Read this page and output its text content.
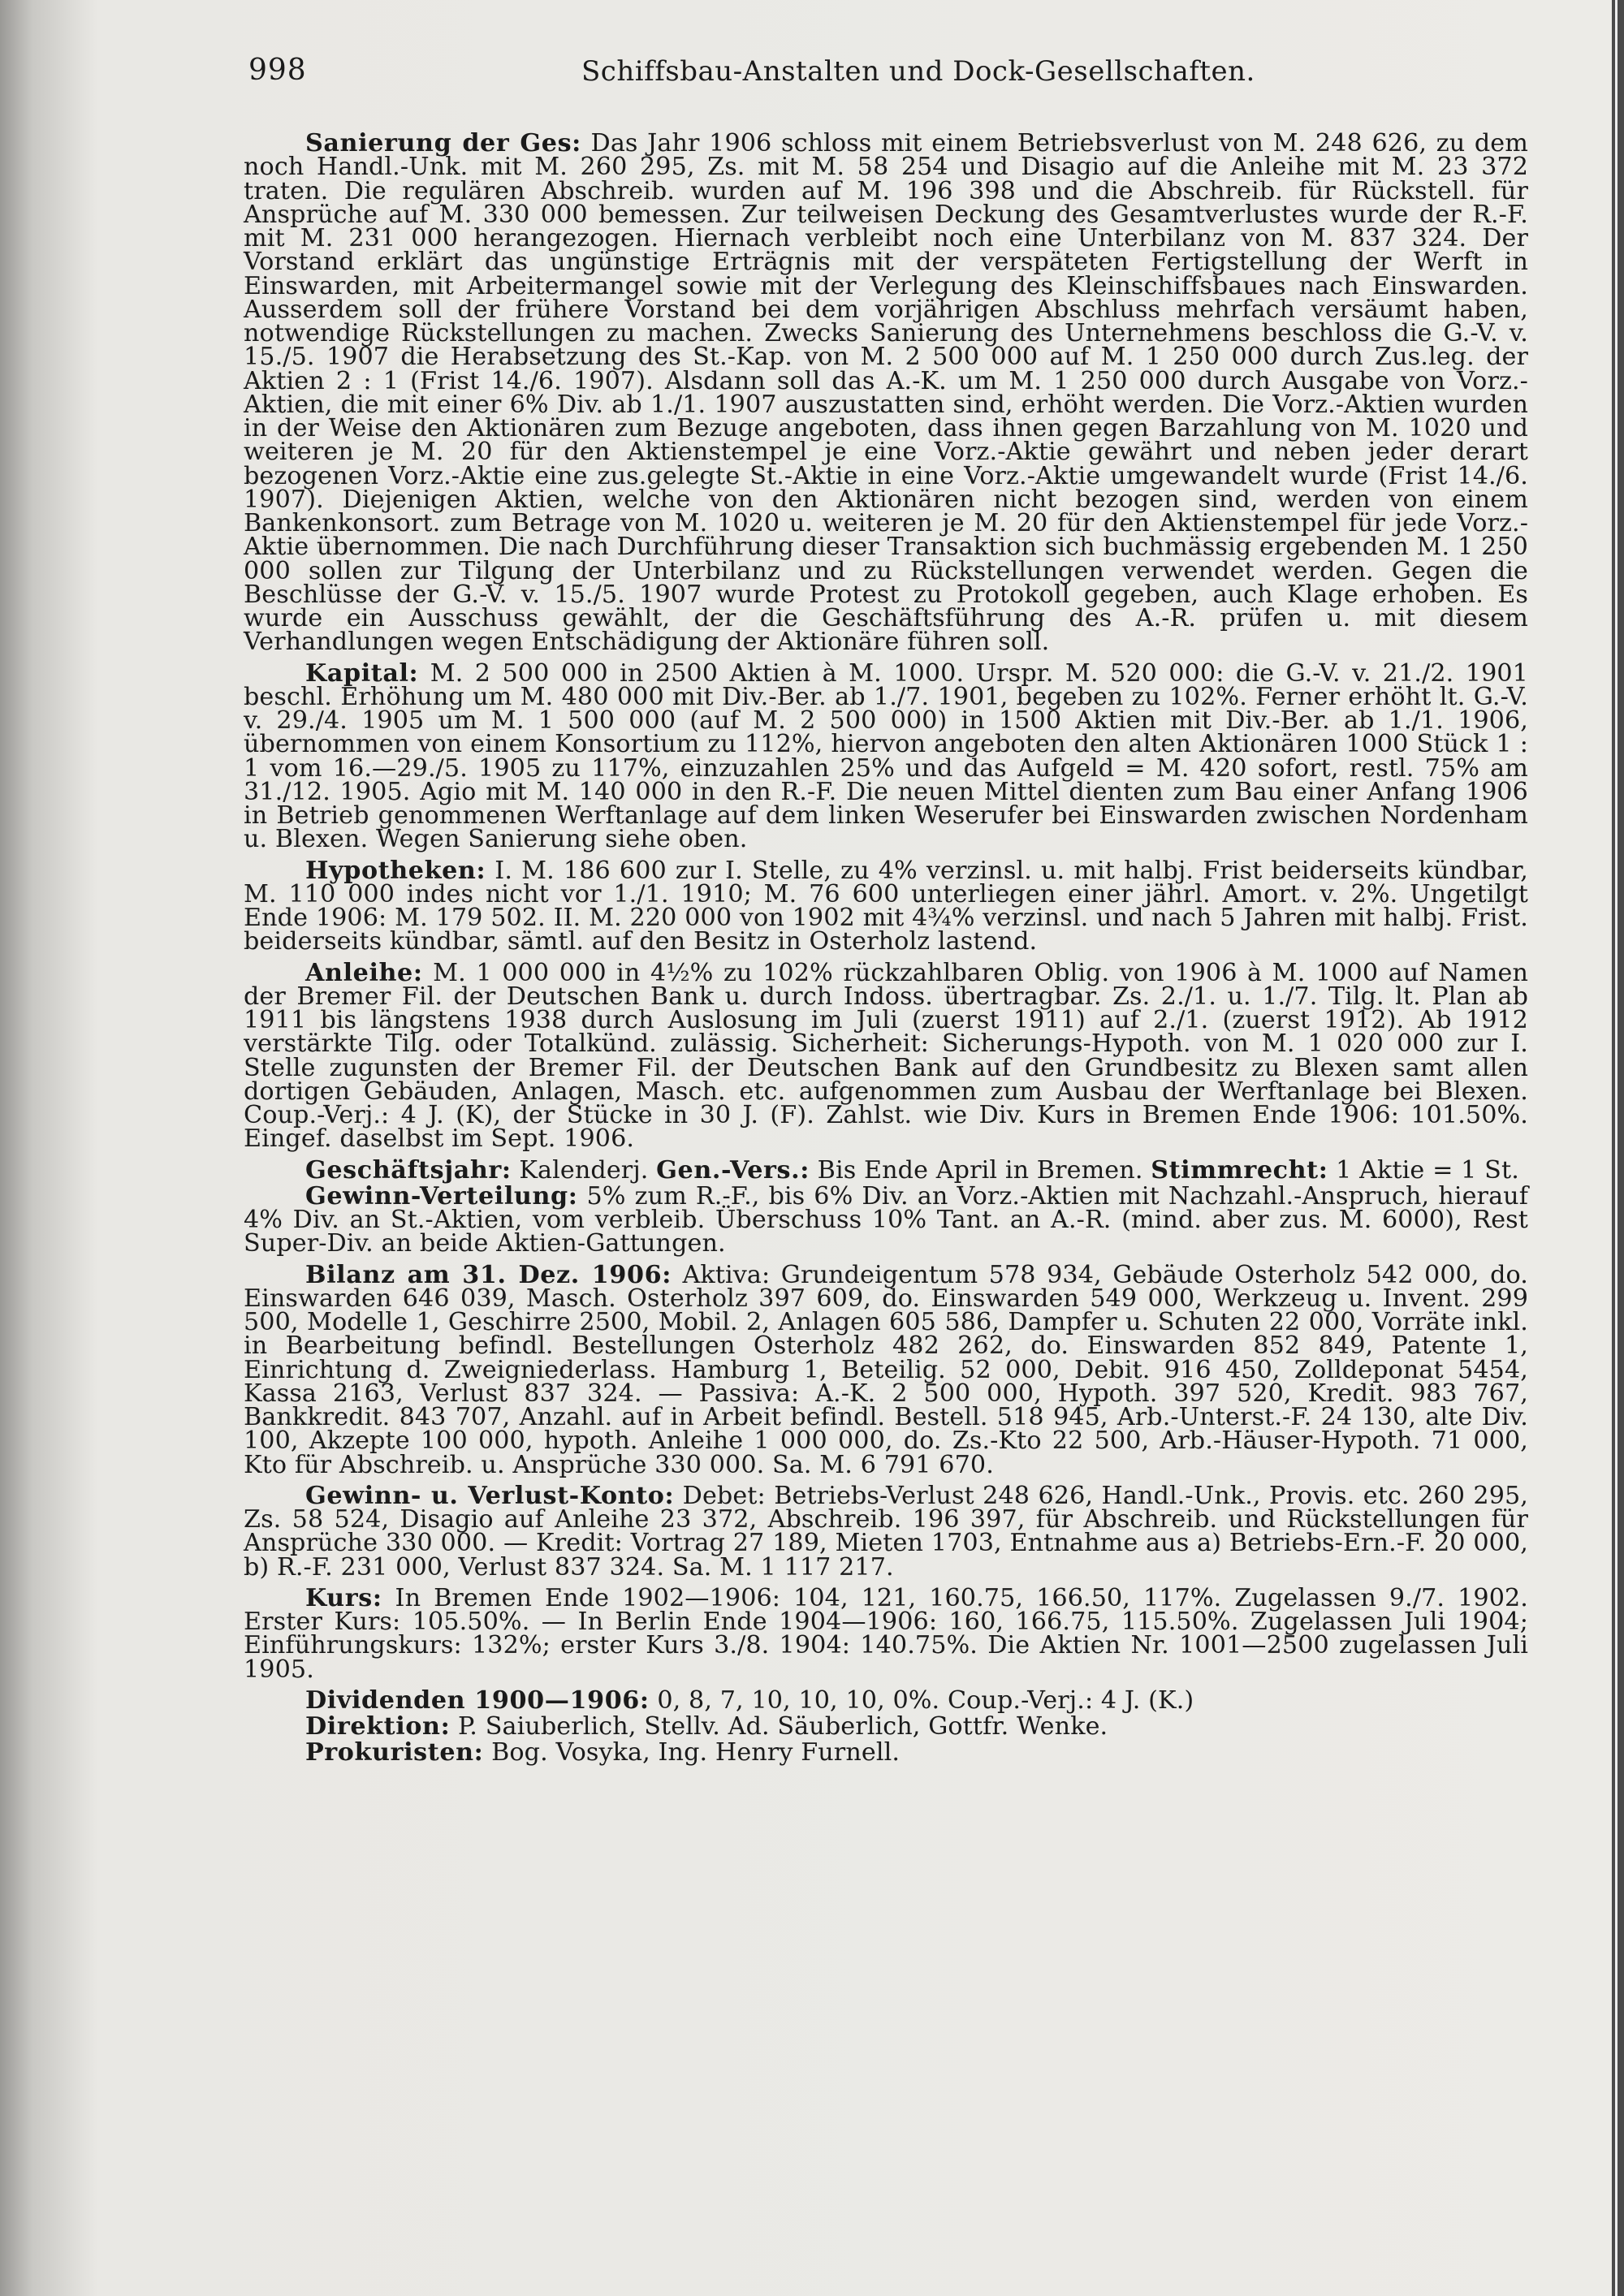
998	Schiffsbau-Anstalten und Dock-Gesellschaften.

Sanierung der Ges: Das Jahr 1906 schloss mit einem Betriebsverlust von M. 248 626, zu dem noch Handl.-Unk. mit M. 260 295, Zs. mit M. 58 254 und Disagio auf die Anleihe mit M. 23 372 traten. Die regulären Abschreib. wurden auf M. 196 398 und die Abschreib. für Rückstell. für Ansprüche auf M. 330 000 bemessen. Zur teilweisen Deckung des Gesamtverlustes wurde der R.-F. mit M. 231 000 herangezogen. Hiernach verbleibt noch eine Unterbilanz von M. 837 324. Der Vorstand erklärt das ungünstige Erträgnis mit der verspäteten Fertigstellung der Werft in Einswarden, mit Arbeitermangel sowie mit der Verlegung des Kleinschiffsbaues nach Einswarden. Ausserdem soll der frühere Vorstand bei dem vorjährigen Abschluss mehrfach versäumt haben, notwendige Rückstellungen zu machen. Zwecks Sanierung des Unternehmens beschloss die G.-V. v. 15./5. 1907 die Herabsetzung des St.-Kap. von M. 2 500 000 auf M. 1 250 000 durch Zus.leg. der Aktien 2 : 1 (Frist 14./6. 1907). Alsdann soll das A.-K. um M. 1 250 000 durch Ausgabe von Vorz.-Aktien, die mit einer 6% Div. ab 1./1. 1907 auszustatten sind, erhöht werden. Die Vorz.-Aktien wurden in der Weise den Aktionären zum Bezuge angeboten, dass ihnen gegen Barzahlung von M. 1020 und weiteren je M. 20 für den Aktienstempel je eine Vorz.-Aktie gewährt und neben jeder derart bezogenen Vorz.-Aktie eine zus.gelegte St.-Aktie in eine Vorz.-Aktie umgewandelt wurde (Frist 14./6. 1907). Diejenigen Aktien, welche von den Aktionären nicht bezogen sind, werden von einem Bankenkonsort. zum Betrage von M. 1020 u. weiteren je M. 20 für den Aktienstempel für jede Vorz.-Aktie übernommen. Die nach Durchführung dieser Transaktion sich buchmässig ergebenden M. 1 250 000 sollen zur Tilgung der Unterbilanz und zu Rückstellungen verwendet werden. Gegen die Beschlüsse der G.-V. v. 15./5. 1907 wurde Protest zu Protokoll gegeben, auch Klage erhoben. Es wurde ein Ausschuss gewählt, der die Geschäftsführung des A.-R. prüfen u. mit diesem Verhandlungen wegen Entschädigung der Aktionäre führen soll.

Kapital: M. 2 500 000 in 2500 Aktien à M. 1000. Urspr. M. 520 000: die G.-V. v. 21./2. 1901 beschl. Erhöhung um M. 480 000 mit Div.-Ber. ab 1./7. 1901, begeben zu 102%. Ferner erhöht lt. G.-V. v. 29./4. 1905 um M. 1 500 000 (auf M. 2 500 000) in 1500 Aktien mit Div.-Ber. ab 1./1. 1906, übernommen von einem Konsortium zu 112%, hiervon angeboten den alten Aktionären 1000 Stück 1 : 1 vom 16.—29./5. 1905 zu 117%, einzuzahlen 25% und das Aufgeld = M. 420 sofort, restl. 75% am 31./12. 1905. Agio mit M. 140 000 in den R.-F. Die neuen Mittel dienten zum Bau einer Anfang 1906 in Betrieb genommenen Werftanlage auf dem linken Weserufer bei Einswarden zwischen Nordenham u. Blexen. Wegen Sanierung siehe oben.

Hypotheken: I. M. 186 600 zur I. Stelle, zu 4% verzinsl. u. mit halbj. Frist beiderseits kündbar, M. 110 000 indes nicht vor 1./1. 1910; M. 76 600 unterliegen einer jährl. Amort. v. 2%. Ungetilgt Ende 1906: M. 179 502. II. M. 220 000 von 1902 mit 4¾% verzinsl. und nach 5 Jahren mit halbj. Frist. beiderseits kündbar, sämtl. auf den Besitz in Osterholz lastend.

Anleihe: M. 1 000 000 in 4½% zu 102% rückzahlbaren Oblig. von 1906 à M. 1000 auf Namen der Bremer Fil. der Deutschen Bank u. durch Indoss. übertragbar. Zs. 2./1. u. 1./7. Tilg. lt. Plan ab 1911 bis längstens 1938 durch Auslosung im Juli (zuerst 1911) auf 2./1. (zuerst 1912). Ab 1912 verstärkte Tilg. oder Totalkünd. zulässig. Sicherheit: Sicherungs-Hypoth. von M. 1 020 000 zur I. Stelle zugunsten der Bremer Fil. der Deutschen Bank auf den Grundbesitz zu Blexen samt allen dortigen Gebäuden, Anlagen, Masch. etc. aufgenommen zum Ausbau der Werftanlage bei Blexen. Coup.-Verj.: 4 J. (K), der Stücke in 30 J. (F). Zahlst. wie Div. Kurs in Bremen Ende 1906: 101.50%. Eingef. daselbst im Sept. 1906.

Geschäftsjahr: Kalenderj. Gen.-Vers.: Bis Ende April in Bremen. Stimmrecht: 1 Aktie = 1 St.

Gewinn-Verteilung: 5% zum R.-F., bis 6% Div. an Vorz.-Aktien mit Nachzahl.-Anspruch, hierauf 4% Div. an St.-Aktien, vom verbleib. Überschuss 10% Tant. an A.-R. (mind. aber zus. M. 6000), Rest Super-Div. an beide Aktien-Gattungen.

Bilanz am 31. Dez. 1906: Aktiva: Grundeigentum 578 934, Gebäude Osterholz 542 000, do. Einswarden 646 039, Masch. Osterholz 397 609, do. Einswarden 549 000, Werkzeug u. Invent. 299 500, Modelle 1, Geschirre 2500, Mobil. 2, Anlagen 605 586, Dampfer u. Schuten 22 000, Vorräte inkl. in Bearbeitung befindl. Bestellungen Osterholz 482 262, do. Einswarden 852 849, Patente 1, Einrichtung d. Zweigniederlass. Hamburg 1, Beteilig. 52 000, Debit. 916 450, Zolldeponat 5454, Kassa 2163, Verlust 837 324. — Passiva: A.-K. 2 500 000, Hypoth. 397 520, Kredit. 983 767, Bankkredit. 843 707, Anzahl. auf in Arbeit befindl. Bestell. 518 945, Arb.-Unterst.-F. 24 130, alte Div. 100, Akzepte 100 000, hypoth. Anleihe 1 000 000, do. Zs.-Kto 22 500, Arb.-Häuser-Hypoth. 71 000, Kto für Abschreib. u. Ansprüche 330 000. Sa. M. 6 791 670.

Gewinn- u. Verlust-Konto: Debet: Betriebs-Verlust 248 626, Handl.-Unk., Provis. etc. 260 295, Zs. 58 524, Disagio auf Anleihe 23 372, Abschreib. 196 397, für Abschreib. und Rückstellungen für Ansprüche 330 000. — Kredit: Vortrag 27 189, Mieten 1703, Entnahme aus a) Betriebs-Ern.-F. 20 000, b) R.-F. 231 000, Verlust 837 324. Sa. M. 1 117 217.

Kurs: In Bremen Ende 1902—1906: 104, 121, 160.75, 166.50, 117%. Zugelassen 9./7. 1902. Erster Kurs: 105.50%. — In Berlin Ende 1904—1906: 160, 166.75, 115.50%. Zugelassen Juli 1904; Einführungskurs: 132%; erster Kurs 3./8. 1904: 140.75%. Die Aktien Nr. 1001—2500 zugelassen Juli 1905.

Dividenden 1900—1906: 0, 8, 7, 10, 10, 10, 0%. Coup.-Verj.: 4 J. (K.)

Direktion: P. Saiuberlich, Stellv. Ad. Säuberlich, Gottfr. Wenke.

Prokuristen: Bog. Vosyka, Ing. Henry Furnell.
